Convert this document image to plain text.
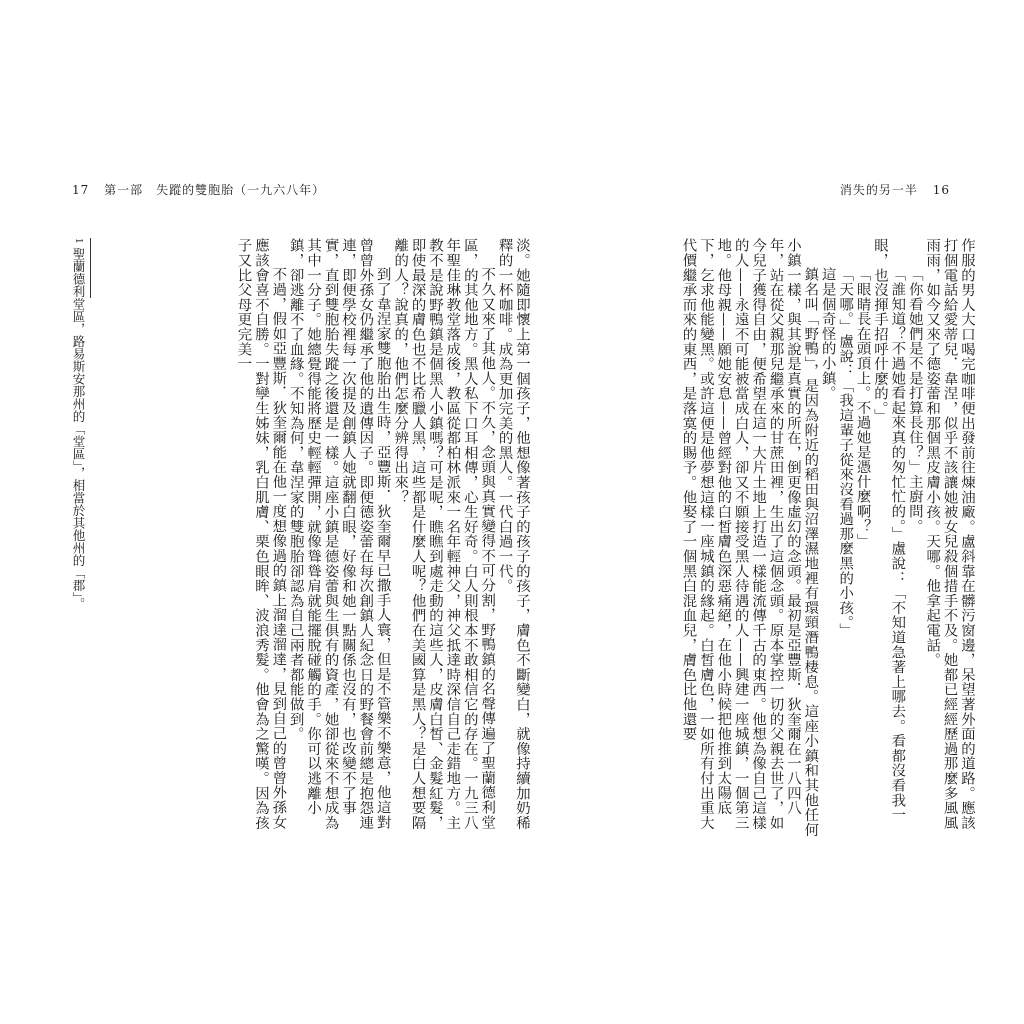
17 第一部　失蹤的雙胞胎（一九六八年）	消失的另一半 16

作服的男人大口喝完咖啡便出發前往煉油廠。盧斜靠在髒污窗邊，呆望著外面的道路。應該打個電話給愛蒂兒．韋涅，似乎不該讓她被女兒殺個措手不及。她都已經經歷過那麼多風風雨雨，如今又來了德姿蕾和那個黑皮膚小孩。天哪。他拿起電話。

「你看她們是不是打算長住？」主廚問。

「誰知道？不過她看起來真的匆忙忙的。」盧說：「不知道急著上哪去。看都沒看我一眼，也沒揮手招呼什麼的。」

「眼睛長在頭頂上。不過她是憑什麼啊？」

「天哪。」盧說：「我這輩子從來沒看過那麼黑的小孩。」

這是個奇怪的小鎮。

鎮名叫「野鴨」，是因為附近的稻田與沼澤濕地裡有環頸潛鴨棲息。這座小鎮和其他任何小鎮一樣，與其說是真實的所在，倒更像虛幻的念頭。最初是亞豐斯．狄奎爾在一八四八年，站在從父親那兒繼承來的甘蔗田裡，生出了這個念頭。原本掌控一切的父親去世了，如今兒子獲得自由，便希望在這一大片土地上打造一樣能流傳千古的東西。他想為像自己這樣的人——永遠不可能被當成白人，卻又不願接受黑人待遇的人——興建一座城鎮，一個第三地。他母親——願她安息——曾經對他的白皙膚色深惡痛絕，在他小時候把他推到太陽底下，乞求他能變黑。或許這便是他夢想這樣一座城鎮的緣起。白皙膚色，一如所有付出重大代價繼承而來的東西，是落寞的賜予。他娶了一個黑白混血兒，膚色比他還要

淡。她隨即懷上第一個孩子，他想像著孩子的孩子的孩子，膚色不斷變白，就像持續加奶稀釋的一杯咖啡。成為更加完美的黑人。一代白過一代。

不久又來了其他人。不久，念頭與真實變得不可分割，野鴨鎮的名聲傳遍了聖蘭德利堂區，的其他地方。黑人私下口耳相傳，心生好奇。白人則根本不敢相信它的存在。一九三八年聖佳琳教堂落成後，教區從都柏林派來一名年輕神父，神父抵達時深信自己走錯地方。主教不是說野鴨鎮是個黑人小鎮嗎？可是呢，瞧瞧到處走動的這些人，皮膚白皙、金髮紅髮，即使最深的膚色也不比希臘人黑，這些都是什麼人呢？他們在美國算是黑人？是白人想要隔離的人？說真的，他們怎麼分辨得出來？

到了韋涅家雙胞胎出生時，亞豐斯．狄奎爾早已撒手人寰，但是不管樂不樂意，他這對曾曾外孫女仍繼承了他的遺傳因子。即便德姿蕾在每次創鎮人紀念日的野餐會前總是抱怨連連，即便學校裡每一次提及創鎮人她就翻白眼，好像和她一點關係也沒有，也改變不了事實，直到雙胞胎失蹤之後還是一樣。這座小鎮是德姿蕾與生俱有的資產，她卻從來不想成為其中一分子。她總覺得能將歷史輕輕彈開，就像聳聳肩就能擺脫碰觸的手。你可以逃離小鎮，卻逃離不了血緣。不知為何，韋涅家的雙胞胎卻認為自己兩者都能做到。

不過，假如亞豐斯．狄奎爾能在他一度想像過的鎮上溜達溜達，見到自己的曾曾外孫女應該會喜不自勝。一對孿生姊妹，乳白肌膚、栗色眼眸、波浪秀髮。他會為之驚嘆。因為孩子又比父母更完美一

1 聖蘭德利堂區，路易斯安那州的「堂區」，相當於其他州的「郡」。
